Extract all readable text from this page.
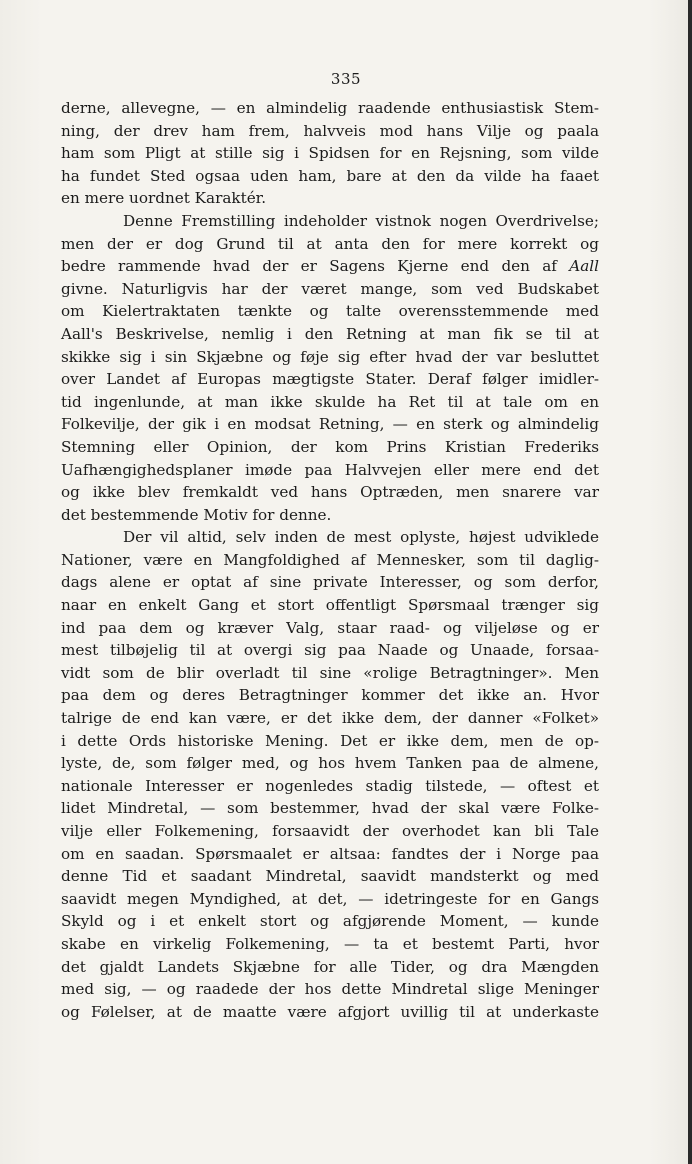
335
derne, allevegne, — en almindelig raadende enthusiastisk Stem-
ning, der drev ham frem, halvveis mod hans Vilje og paala
ham som Pligt at stille sig i Spidsen for en Rejsning, som vilde
ha fundet Sted ogsaa uden ham, bare at den da vilde ha faaet
en mere uordnet Karaktér.
Denne Fremstilling indeholder vistnok nogen Overdrivelse;
men der er dog Grund til at anta den for mere korrekt og
bedre rammende hvad der er Sagens Kjerne end den af Aall
givne. Naturligvis har der været mange, som ved Budskabet
om Kielertraktaten tænkte og talte overensstemmende med
Aall's Beskrivelse, nemlig i den Retning at man fik se til at
skikke sig i sin Skjæbne og føje sig efter hvad der var besluttet
over Landet af Europas mægtigste Stater. Deraf følger imidler-
tid ingenlunde, at man ikke skulde ha Ret til at tale om en
Folkevilje, der gik i en modsat Retning, — en sterk og almindelig
Stemning eller Opinion, der kom Prins Kristian Frederiks
Uafhængighedsplaner imøde paa Halvvejen eller mere end det
og ikke blev fremkaldt ved hans Optræden, men snarere var
det bestemmende Motiv for denne.
Der vil altid, selv inden de mest oplyste, højest udviklede
Nationer, være en Mangfoldighed af Mennesker, som til daglig-
dags alene er optat af sine private Interesser, og som derfor,
naar en enkelt Gang et stort offentligt Spørsmaal trænger sig
ind paa dem og kræver Valg, staar raad- og viljeløse og er
mest tilbøjelig til at overgi sig paa Naade og Unaade, forsaa-
vidt som de blir overladt til sine «rolige Betragtninger». Men
paa dem og deres Betragtninger kommer det ikke an. Hvor
talrige de end kan være, er det ikke dem, der danner «Folket»
i dette Ords historiske Mening. Det er ikke dem, men de op-
lyste, de, som følger med, og hos hvem Tanken paa de almene,
nationale Interesser er nogenledes stadig tilstede, — oftest et
lidet Mindretal, — som bestemmer, hvad der skal være Folke-
vilje eller Folkemening, forsaavidt der overhodet kan bli Tale
om en saadan. Spørsmaalet er altsaa: fandtes der i Norge paa
denne Tid et saadant Mindretal, saavidt mandsterkt og med
saavidt megen Myndighed, at det, — idetringeste for en Gangs
Skyld og i et enkelt stort og afgjørende Moment, — kunde
skabe en virkelig Folkemening, — ta et bestemt Parti, hvor
det gjaldt Landets Skjæbne for alle Tider, og dra Mængden
med sig, — og raadede der hos dette Mindretal slige Meninger
og Følelser, at de maatte være afgjort uvillig til at underkaste
